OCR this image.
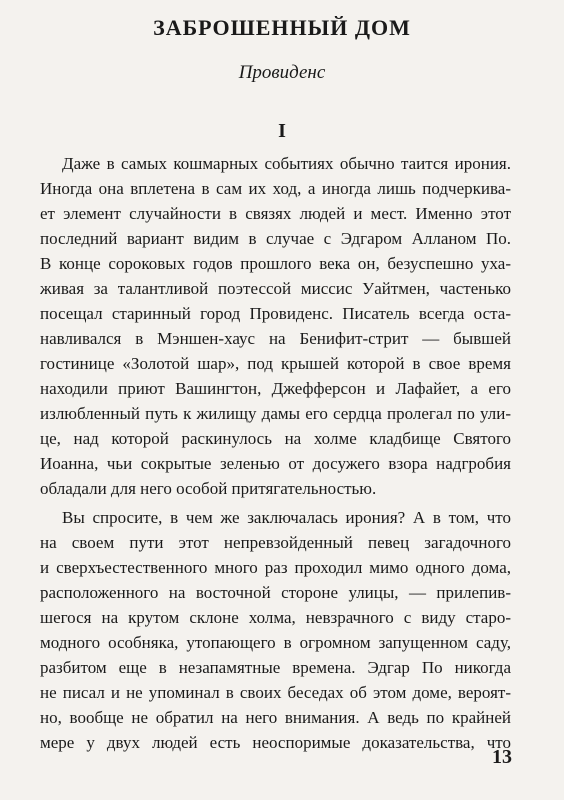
ЗАБРОШЕННЫЙ ДОМ
Провиденс
I
Даже в самых кошмарных событиях обычно таится ирония.
Иногда она вплетена в сам их ход, а иногда лишь подчеркива-
ет элемент случайности в связях людей и мест. Именно этот
последний вариант видим в случае с Эдгаром Алланом По.
В конце сороковых годов прошлого века он, безуспешно уха-
живая за талантливой поэтессой миссис Уайтмен, частенько
посещал старинный город Провиденс. Писатель всегда оста-
навливался в Мэншен-хаус на Бенифит-стрит — бывшей
гостинице «Золотой шар», под крышей которой в свое время
находили приют Вашингтон, Джефферсон и Лафайет, а его
излюбленный путь к жилищу дамы его сердца пролегал по ули-
це, над которой раскинулось на холме кладбище Святого
Иоанна, чьи сокрытые зеленью от досужего взора надгробия
обладали для него особой притягательностью.
Вы спросите, в чем же заключалась ирония? А в том, что
на своем пути этот непревзойденный певец загадочного
и сверхъестественного много раз проходил мимо одного дома,
расположенного на восточной стороне улицы, — прилепив-
шегося на крутом склоне холма, невзрачного с виду старо-
модного особняка, утопающего в огромном запущенном саду,
разбитом еще в незапамятные времена. Эдгар По никогда
не писал и не упоминал в своих беседах об этом доме, вероят-
но, вообще не обратил на него внимания. А ведь по крайней
мере у двух людей есть неоспоримые доказательства, что
13
